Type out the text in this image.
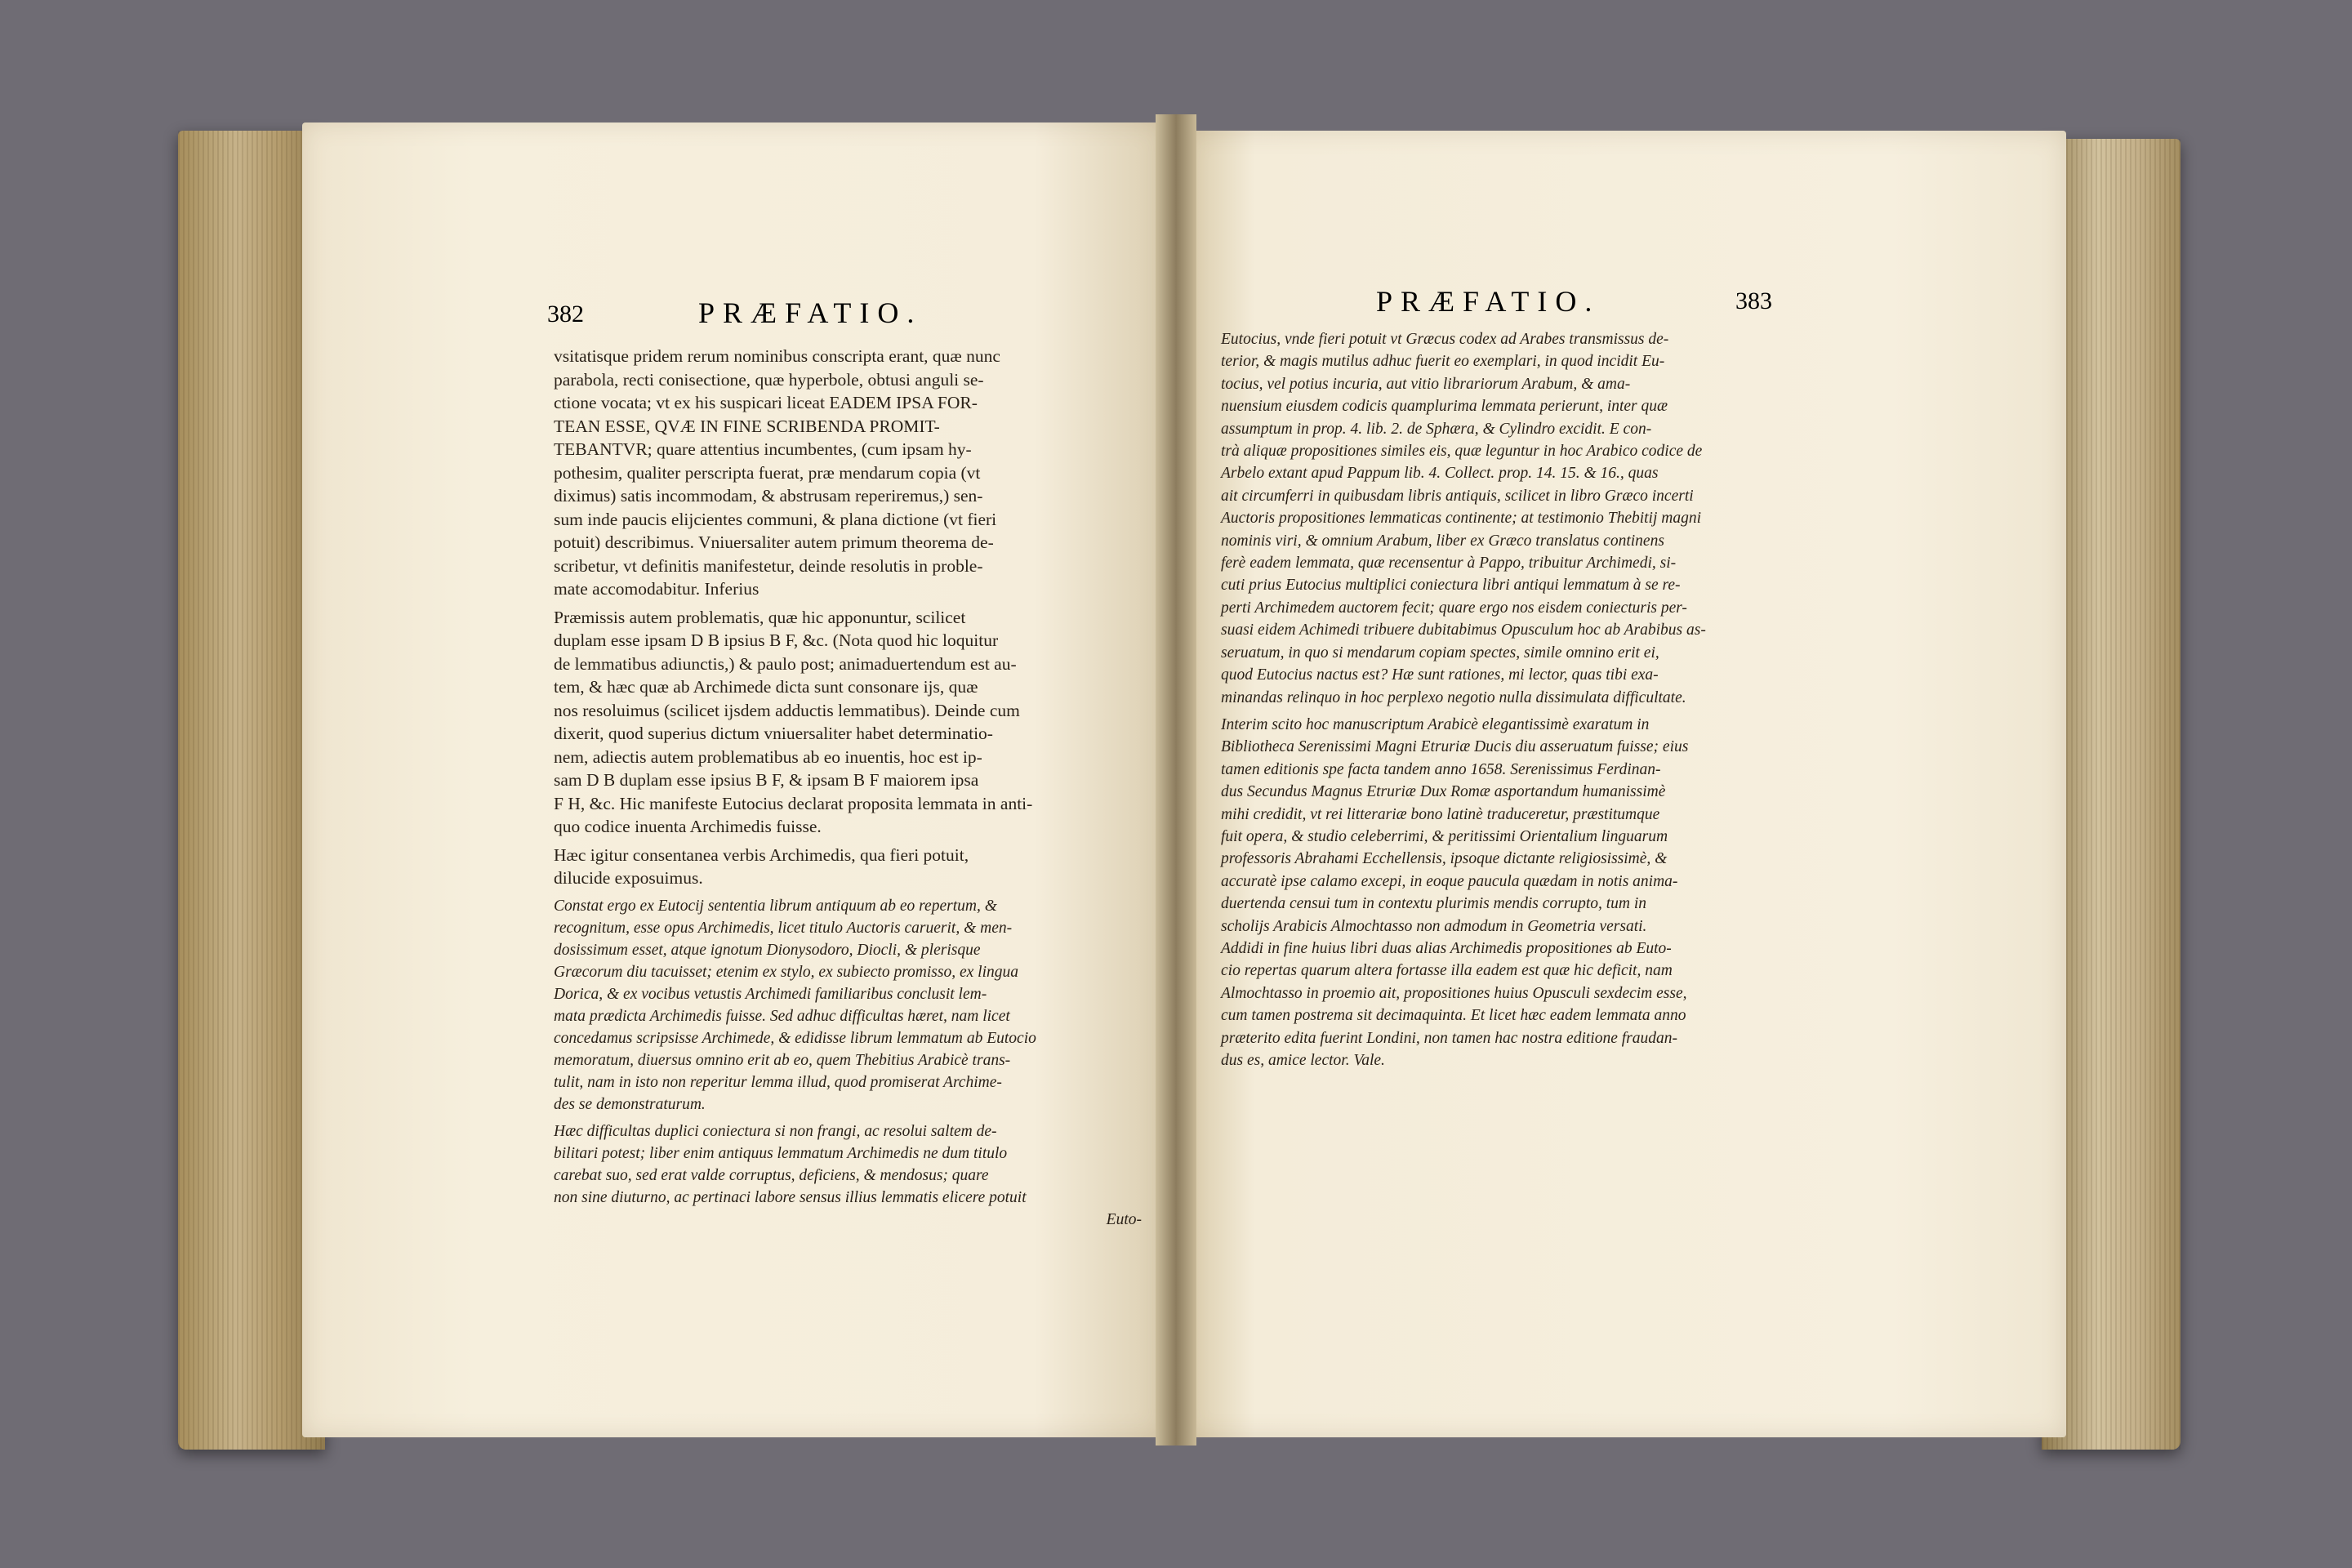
382	PRÆFATIO.	PRÆFATIO.	383
vsitatisque pridem rerum nominibus conscripta erant, quæ nunc
parabola, recti conisectione, quæ hyperbole, obtusi anguli se-
ctione vocata; vt ex his suspicari liceat EADEM IPSA FOR-
TEAN ESSE, QVÆ IN FINE SCRIBENDA PROMIT-
TEBANTVR; quare attentius incumbentes, (cum ipsam hy-
pothesim, qualiter perscripta fuerat, præ mendarum copia (vt
diximus) satis incommodam, & abstrusam reperiremus,) sen-
sum inde paucis elijcientes communi, & plana dictione (vt fieri
potuit) describimus. Vniuersaliter autem primum theorema de-
scribetur, vt definitis manifestetur, deinde resolutis in proble-
mate accomodabitur. Inferius
Præmissis autem problematis, quæ hic apponuntur, scilicet
duplam esse ipsam D B ipsius B F, &c. (Nota quod hic loquitur
de lemmatibus adiunctis,) & paulo post; animaduertendum est au-
tem, & hæc quæ ab Archimede dicta sunt consonare ijs, quæ
nos resoluimus (scilicet ijsdem adductis lemmatibus). Deinde cum
dixerit, quod superius dictum vniuersaliter habet determinatio-
nem, adiectis autem problematibus ab eo inuentis, hoc est ip-
sam D B duplam esse ipsius B F, & ipsam B F maiorem ipsa
F H, &c. Hic manifeste Eutocius declarat proposita lemmata in anti-
quo codice inuenta Archimedis fuisse.
Hæc igitur consentanea verbis Archimedis, qua fieri potuit,
dilucide exposuimus.
Constat ergo ex Eutocij sententia librum antiquum ab eo repertum, &
recognitum, esse opus Archimedis, licet titulo Auctoris caruerit, & men-
dosissimum esset, atque ignotum Dionysodoro, Diocli, & plerisque
Græcorum diu tacuisset; etenim ex stylo, ex subiecto promisso, ex lingua
Dorica, & ex vocibus vetustis Archimedi familiaribus conclusit lem-
mata prædicta Archimedis fuisse. Sed adhuc difficultas hæret, nam licet
concedamus scripsisse Archimede, & edidisse librum lemmatum ab Eutocio
memoratum, diuersus omnino erit ab eo, quem Thebitius Arabicè trans-
tulit, nam in isto non reperitur lemma illud, quod promiserat Archime-
des se demonstraturum.
Hæc difficultas duplici coniectura si non frangi, ac resolui saltem de-
bilitari potest; liber enim antiquus lemmatum Archimedis ne dum titulo
carebat suo, sed erat valde corruptus, deficiens, & mendosus; quare
non sine diuturno, ac pertinaci labore sensus illius lemmatis elicere potuit
Euto-
Eutocius, vnde fieri potuit vt Græcus codex ad Arabes transmissus de-
terior, & magis mutilus adhuc fuerit eo exemplari, in quod incidit Eu-
tocius, vel potius incuria, aut vitio librariorum Arabum, & ama-
nuensium eiusdem codicis quamplurima lemmata perierunt, inter quæ
assumptum in prop. 4. lib. 2. de Sphæra, & Cylindro excidit. E con-
trà aliquæ propositiones similes eis, quæ leguntur in hoc Arabico codice de
Arbelo extant apud Pappum lib. 4. Collect. prop. 14. 15. & 16., quas
ait circumferri in quibusdam libris antiquis, scilicet in libro Græco incerti
Auctoris propositiones lemmaticas continente; at testimonio Thebitij magni
nominis viri, & omnium Arabum, liber ex Græco translatus continens
ferè eadem lemmata, quæ recensentur à Pappo, tribuitur Archimedi, si-
cuti prius Eutocius multiplici coniectura libri antiqui lemmatum à se re-
perti Archimedem auctorem fecit; quare ergo nos eisdem coniecturis per-
suasi eidem Achimedi tribuere dubitabimus Opusculum hoc ab Arabibus as-
seruatum, in quo si mendarum copiam spectes, simile omnino erit ei,
quod Eutocius nactus est? Hæ sunt rationes, mi lector, quas tibi exa-
minandas relinquo in hoc perplexo negotio nulla dissimulata difficultate.
Interim scito hoc manuscriptum Arabicè elegantissimè exaratum in
Bibliotheca Serenissimi Magni Etruriæ Ducis diu asseruatum fuisse; eius
tamen editionis spe facta tandem anno 1658. Serenissimus Ferdinan-
dus Secundus Magnus Etruriæ Dux Romæ asportandum humanissimè
mihi credidit, vt rei litterariæ bono latinè traduceretur, præstitumque
fuit opera, & studio celeberrimi, & peritissimi Orientalium linguarum
professoris Abrahami Ecchellensis, ipsoque dictante religiosissimè, &
accuratè ipse calamo excepi, in eoque paucula quædam in notis anima-
duertenda censui tum in contextu plurimis mendis corrupto, tum in
scholijs Arabicis Almochtasso non admodum in Geometria versati.
Addidi in fine huius libri duas alias Archimedis propositiones ab Euto-
cio repertas quarum altera fortasse illa eadem est quæ hic deficit, nam
Almochtasso in proemio ait, propositiones huius Opusculi sexdecim esse,
cum tamen postrema sit decimaquinta. Et licet hæc eadem lemmata anno
præterito edita fuerint Londini, non tamen hac nostra editione fraudan-
dus es, amice lector. Vale.
